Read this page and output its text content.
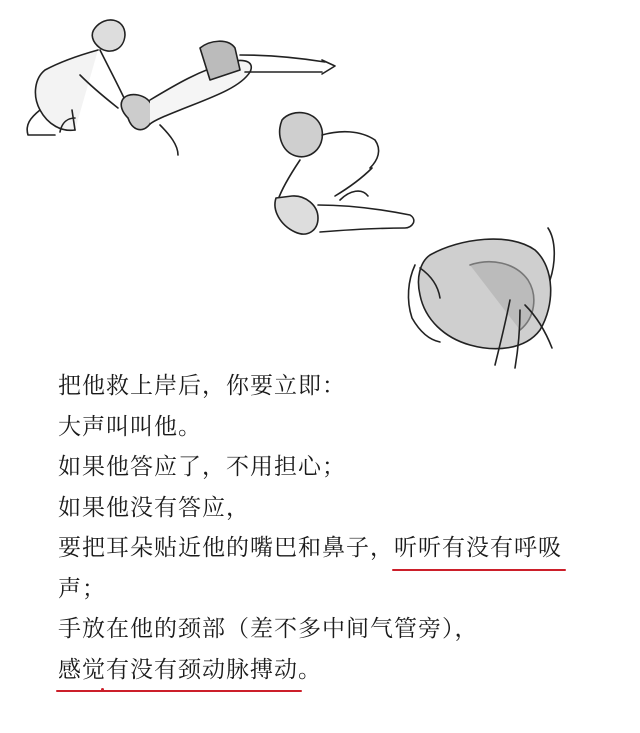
把他救上岸后，你要立即：
大声叫叫他。
如果他答应了，不用担心；
如果他没有答应，
要把耳朵贴近他的嘴巴和鼻子，听听有没有呼吸
声；
手放在他的颈部（差不多中间气管旁），
感觉有没有颈动脉搏动。
